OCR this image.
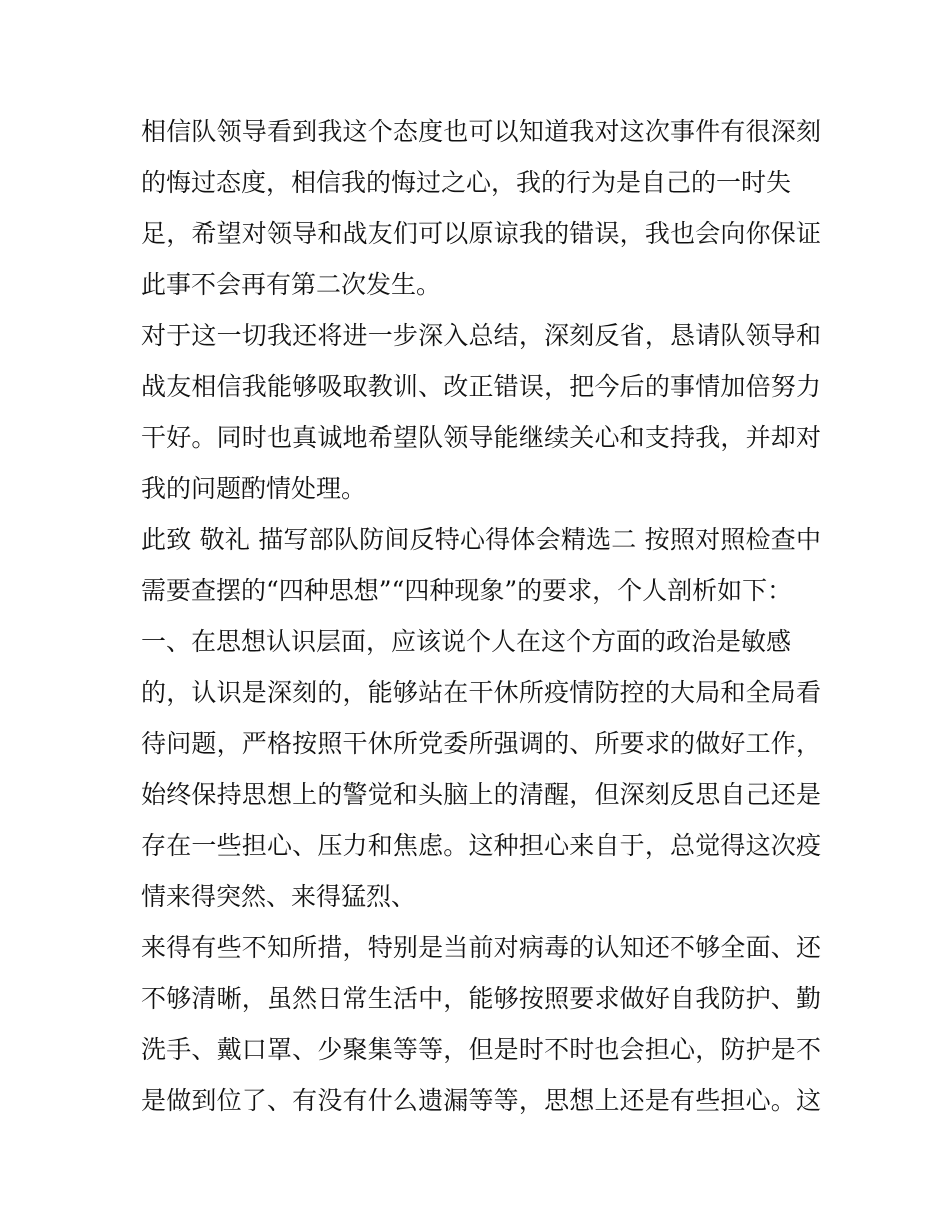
相信队领导看到我这个态度也可以知道我对这次事件有很深刻
的悔过态度，相信我的悔过之心，我的行为是自己的一时失
足，希望对领导和战友们可以原谅我的错误，我也会向你保证
此事不会再有第二次发生。
对于这一切我还将进一步深入总结，深刻反省，恳请队领导和
战友相信我能够吸取教训、改正错误，把今后的事情加倍努力
干好。同时也真诚地希望队领导能继续关心和支持我，并却对
我的问题酌情处理。
此致 敬礼 描写部队防间反特心得体会精选二 按照对照检查中
需要查摆的“四种思想”“四种现象”的要求，个人剖析如下：
一、在思想认识层面，应该说个人在这个方面的政治是敏感
的，认识是深刻的，能够站在干休所疫情防控的大局和全局看
待问题，严格按照干休所党委所强调的、所要求的做好工作，
始终保持思想上的警觉和头脑上的清醒，但深刻反思自己还是
存在一些担心、压力和焦虑。这种担心来自于，总觉得这次疫
情来得突然、来得猛烈、
来得有些不知所措，特别是当前对病毒的认知还不够全面、还
不够清晰，虽然日常生活中，能够按照要求做好自我防护、勤
洗手、戴口罩、少聚集等等，但是时不时也会担心，防护是不
是做到位了、有没有什么遗漏等等，思想上还是有些担心。这
